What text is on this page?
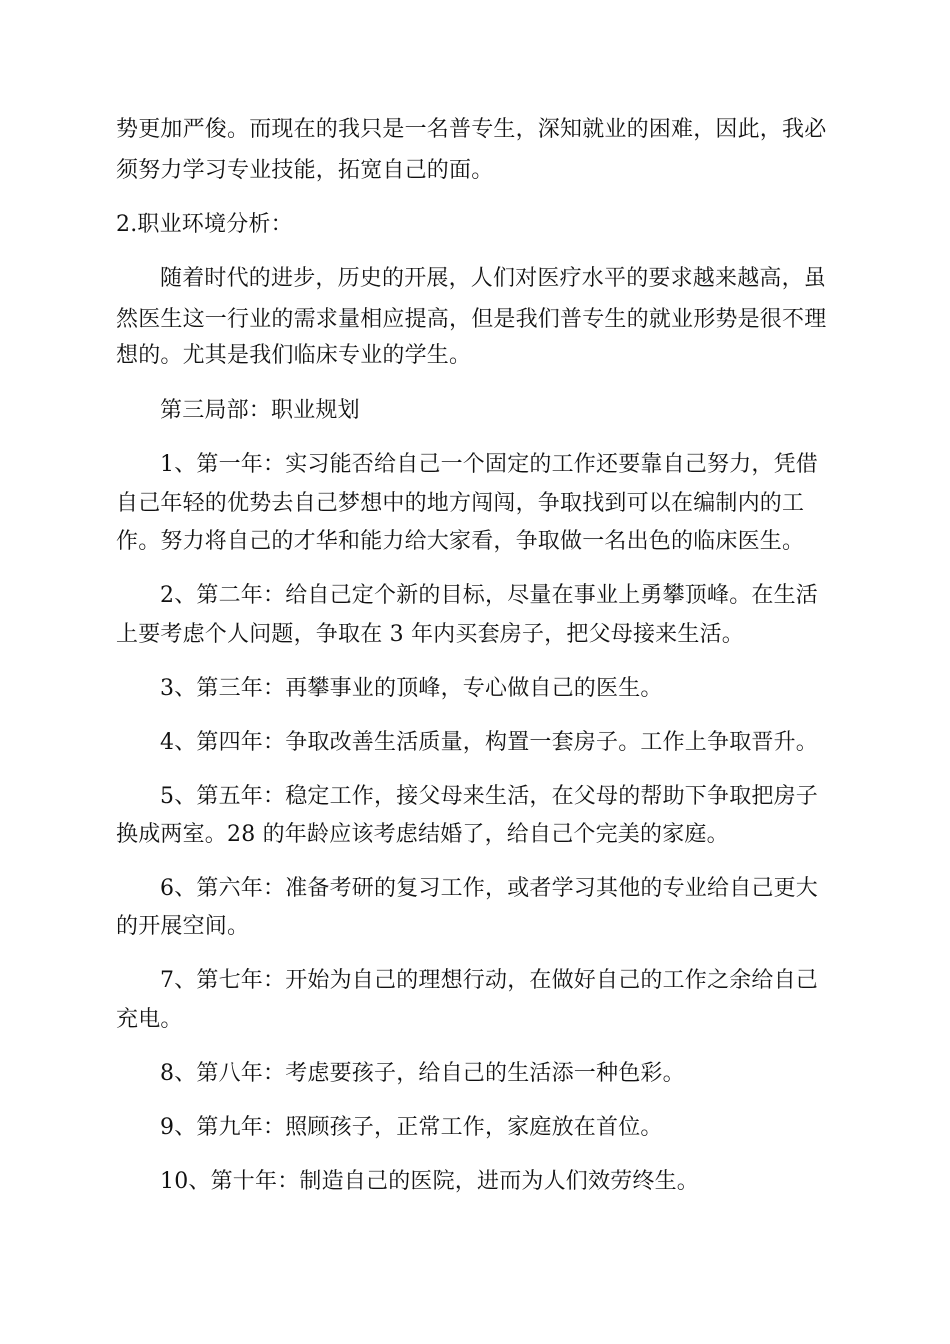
势更加严俊。而现在的我只是一名普专生，深知就业的困难，因此，我必
须努力学习专业技能，拓宽自己的面。
2.职业环境分析：
随着时代的进步，历史的开展，人们对医疗水平的要求越来越高，虽
然医生这一行业的需求量相应提高，但是我们普专生的就业形势是很不理
想的。尤其是我们临床专业的学生。
第三局部：职业规划
1、第一年：实习能否给自己一个固定的工作还要靠自己努力，凭借
自己年轻的优势去自己梦想中的地方闯闯，争取找到可以在编制内的工
作。努力将自己的才华和能力给大家看，争取做一名出色的临床医生。
2、第二年：给自己定个新的目标，尽量在事业上勇攀顶峰。在生活
上要考虑个人问题，争取在 3 年内买套房子，把父母接来生活。
3、第三年：再攀事业的顶峰，专心做自己的医生。
4、第四年：争取改善生活质量，构置一套房子。工作上争取晋升。
5、第五年：稳定工作，接父母来生活，在父母的帮助下争取把房子
换成两室。28 的年龄应该考虑结婚了，给自己个完美的家庭。
6、第六年：准备考研的复习工作，或者学习其他的专业给自己更大
的开展空间。
7、第七年：开始为自己的理想行动，在做好自己的工作之余给自己
充电。
8、第八年：考虑要孩子，给自己的生活添一种色彩。
9、第九年：照顾孩子，正常工作，家庭放在首位。
10、第十年：制造自己的医院，进而为人们效劳终生。
